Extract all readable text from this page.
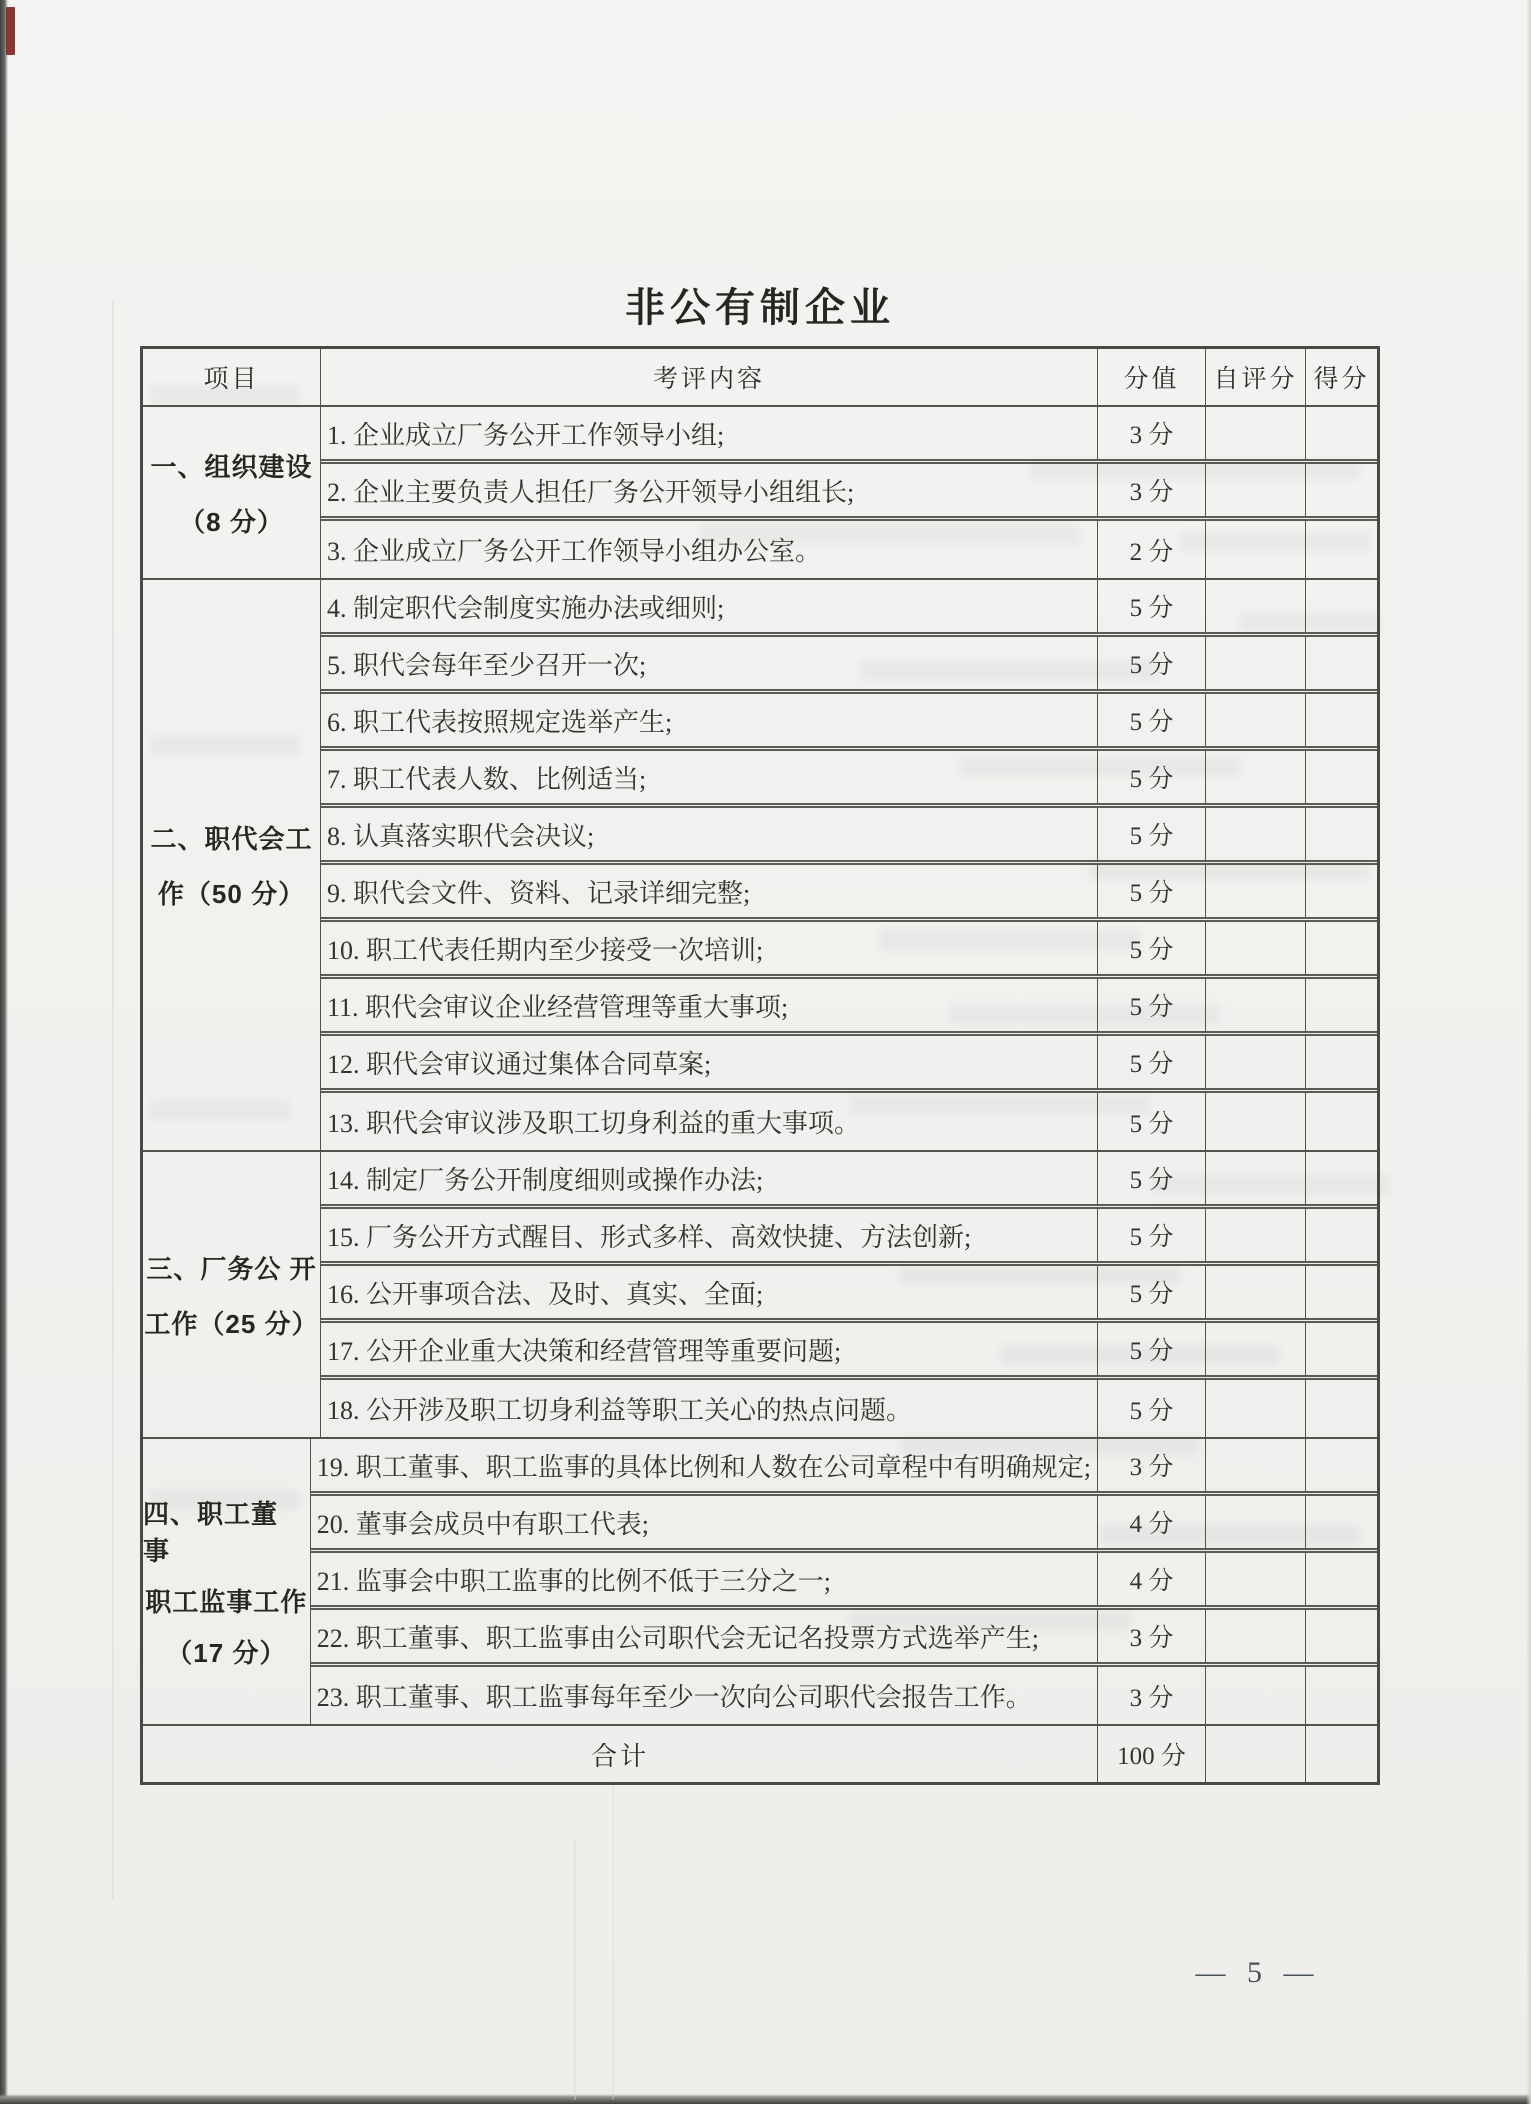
非公有制企业
项目	考评内容	分值	自评分 得分
一、组织建设
（8 分）
1. 企业成立厂务公开工作领导小组;	3 分
2. 企业主要负责人担任厂务公开领导小组组长;	3 分
3. 企业成立厂务公开工作领导小组办公室。	2 分
二、职代会工
作（50 分）
4. 制定职代会制度实施办法或细则;	5 分
5. 职代会每年至少召开一次;	5 分
6. 职工代表按照规定选举产生;	5 分
7. 职工代表人数、比例适当;	5 分
8. 认真落实职代会决议;	5 分
9. 职代会文件、资料、记录详细完整;	5 分
10. 职工代表任期内至少接受一次培训;	5 分
11. 职代会审议企业经营管理等重大事项;	5 分
12. 职代会审议通过集体合同草案;	5 分
13. 职代会审议涉及职工切身利益的重大事项。	5 分
三、厂务公 开
工作（25 分）
14. 制定厂务公开制度细则或操作办法;	5 分
15. 厂务公开方式醒目、形式多样、高效快捷、方法创新;	5 分
16. 公开事项合法、及时、真实、全面;	5 分
17. 公开企业重大决策和经营管理等重要问题;	5 分
18. 公开涉及职工切身利益等职工关心的热点问题。	5 分
四、职工董 事
职工监事工作
（17 分）
19. 职工董事、职工监事的具体比例和人数在公司章程中有明确规定;	3 分
20. 董事会成员中有职工代表;	4 分
21. 监事会中职工监事的比例不低于三分之一;	4 分
22. 职工董事、职工监事由公司职代会无记名投票方式选举产生;	3 分
23. 职工董事、职工监事每年至少一次向公司职代会报告工作。	3 分
合计	100 分
— 5 —
